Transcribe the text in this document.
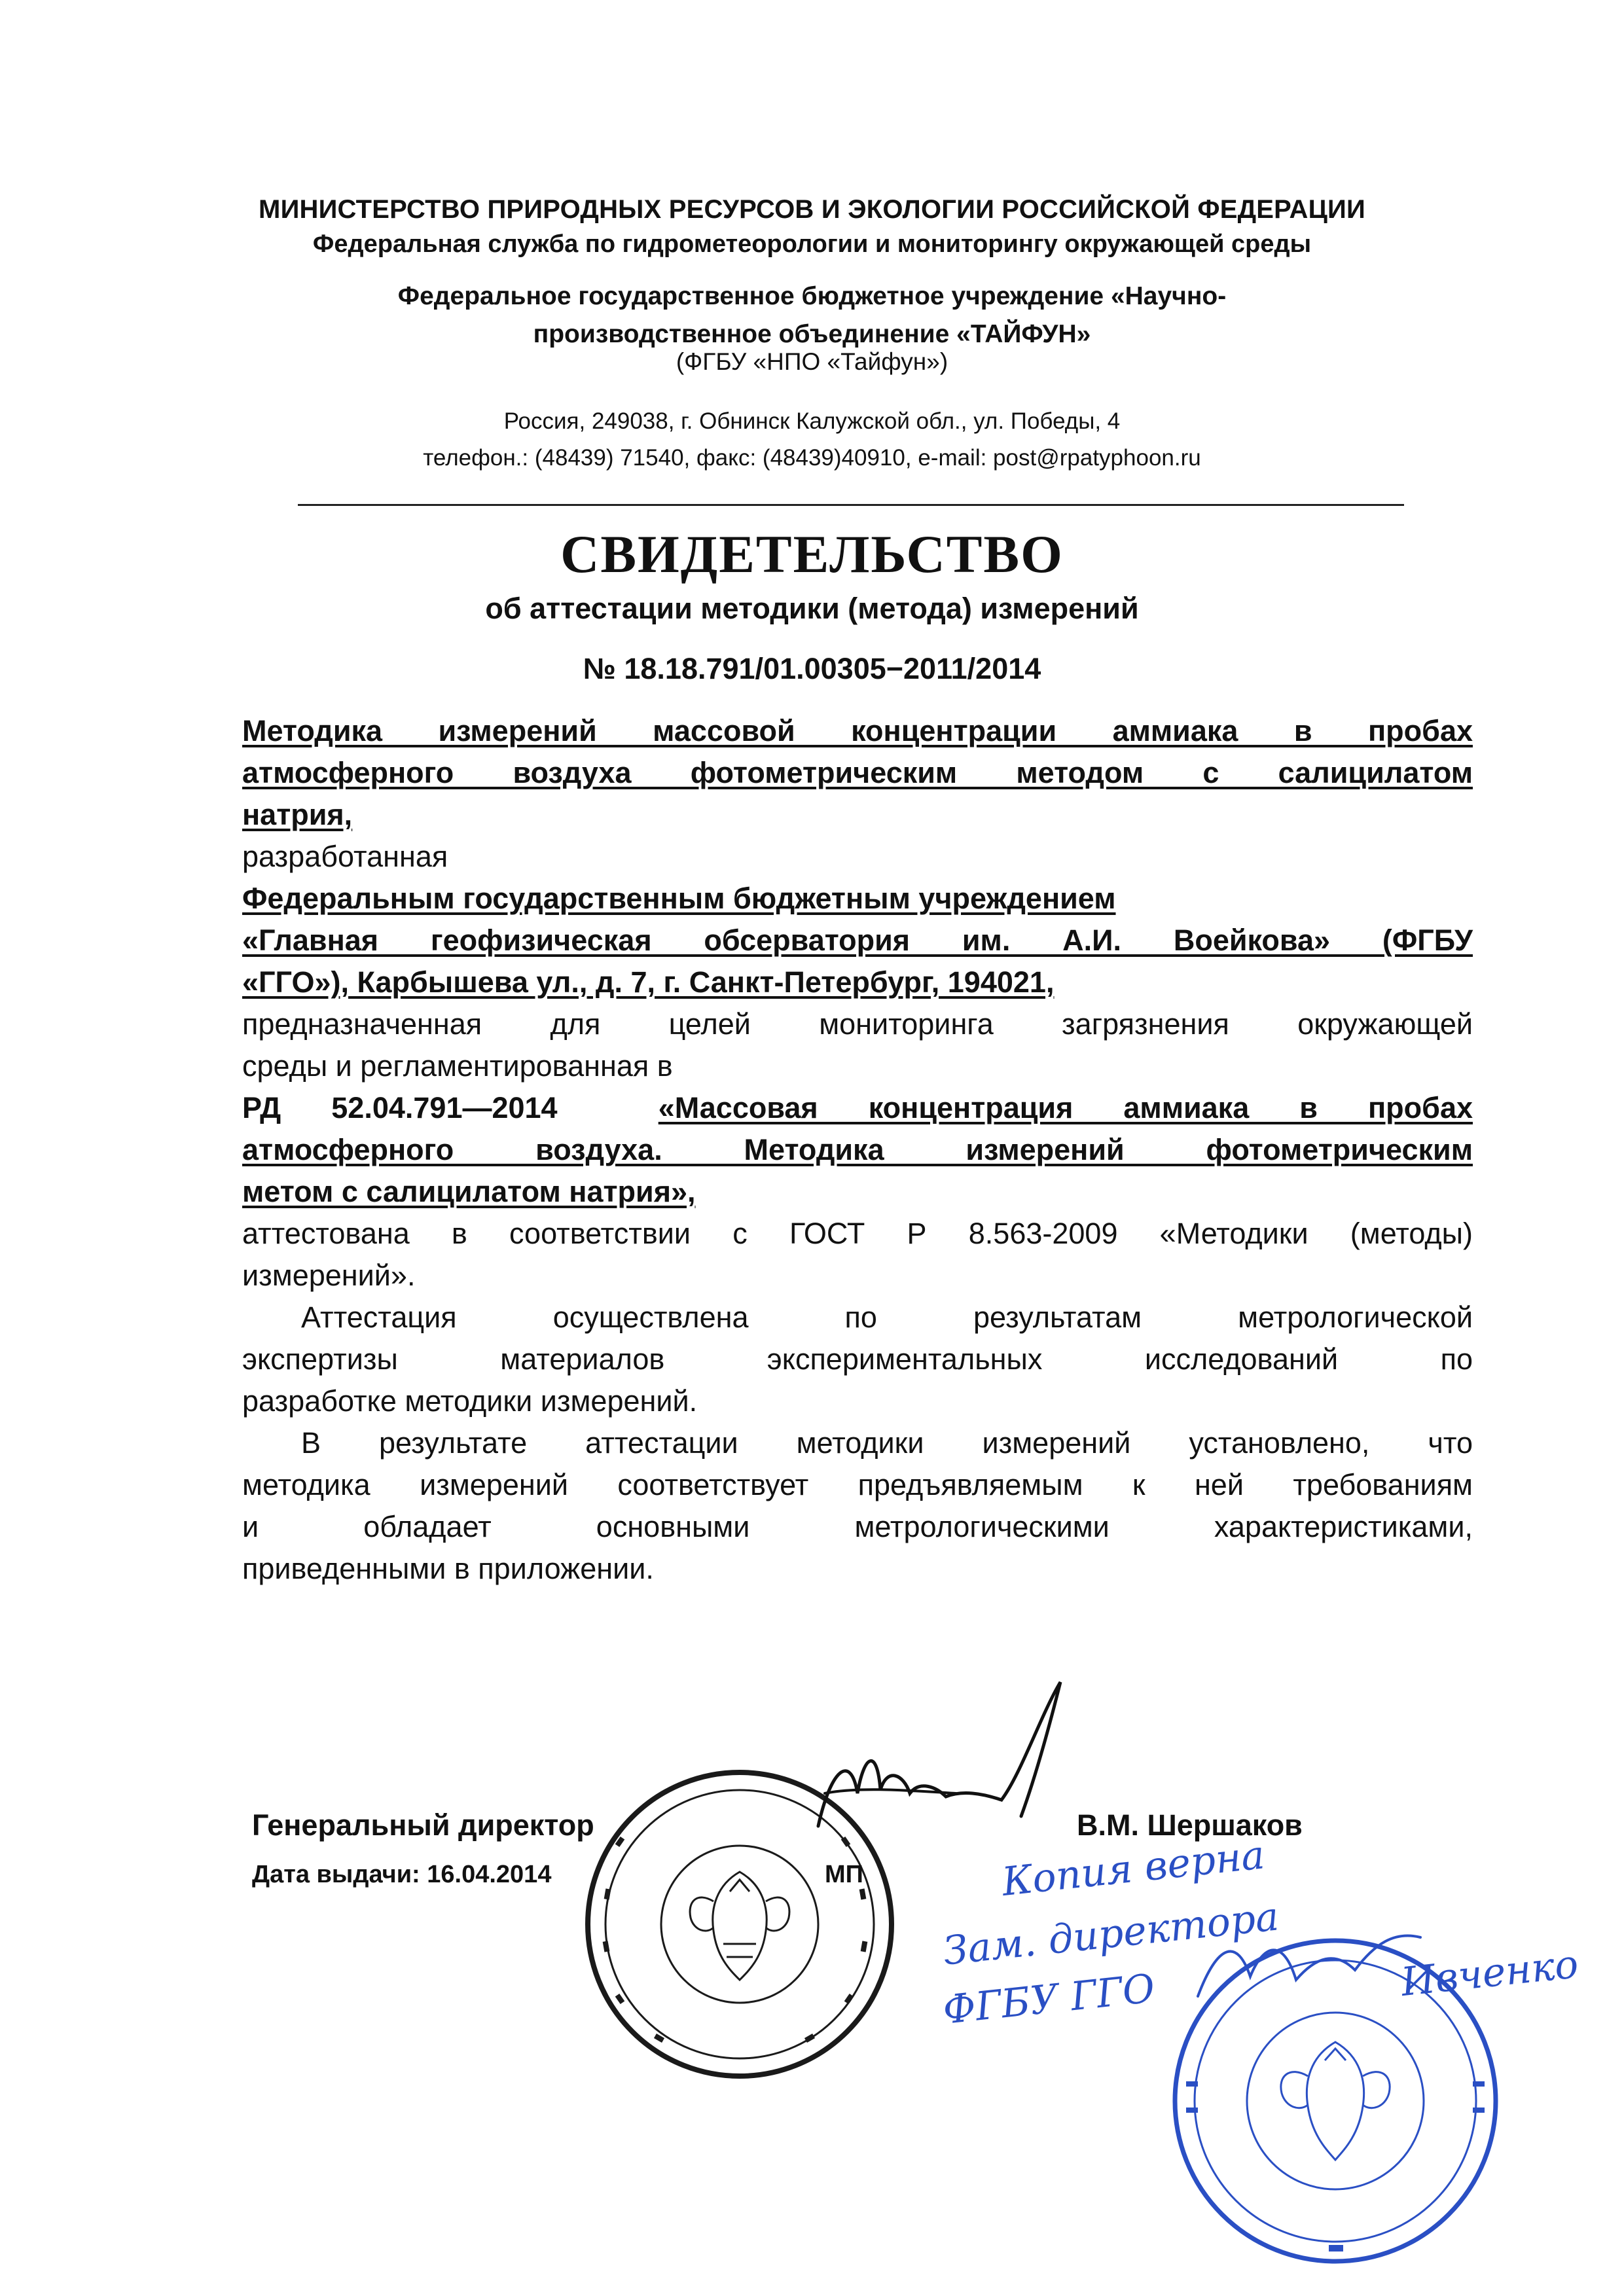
МИНИСТЕРСТВО ПРИРОДНЫХ РЕСУРСОВ И ЭКОЛОГИИ РОССИЙСКОЙ ФЕДЕРАЦИИ
Федеральная служба по гидрометеорологии и мониторингу окружающей среды
Федеральное государственное бюджетное учреждение «Научно-
производственное объединение «ТАЙФУН»
(ФГБУ «НПО «Тайфун»)
Россия, 249038, г. Обнинск Калужской обл., ул. Победы, 4
телефон.: (48439) 71540, факс: (48439)40910, e-mail: post@rpatyphoon.ru
СВИДЕТЕЛЬСТВО
об аттестации методики (метода) измерений
№ 18.18.791/01.00305−2011/2014

Методика измерений массовой концентрации аммиака в пробах

атмосферного воздуха фотометрическим методом с салицилатом

натрия,

разработанная

Федеральным государственным бюджетным учреждением

«Главная геофизическая обсерватория им. А.И. Воейкова» (ФГБУ

«ГГО»), Карбышева ул., д. 7, г. Санкт-Петербург, 194021,

предназначенная для целей мониторинга загрязнения окружающей

среды и регламентированная в

РД 52.04.791—2014	«Массовая концентрация аммиака в пробах

атмосферного воздуха. Методика измерений фотометрическим

метом с салицилатом натрия»,

аттестована в соответствии с ГОСТ Р 8.563-2009 «Методики (методы)

измерений».

Аттестация осуществлена по результатам метрологической

экспертизы материалов экспериментальных исследований по

разработке методики измерений.

В результате аттестации методики измерений установлено, что

методика измерений соответствует предъявляемым к ней требованиям

и обладает основными метрологическими характеристиками,

приведенными в приложении.

Генеральный директор	В.М. Шершаков
Дата выдачи: 16.04.2014	МП	Копия верна
Зам. директора
ФГБУ ГГО	Ивченко
